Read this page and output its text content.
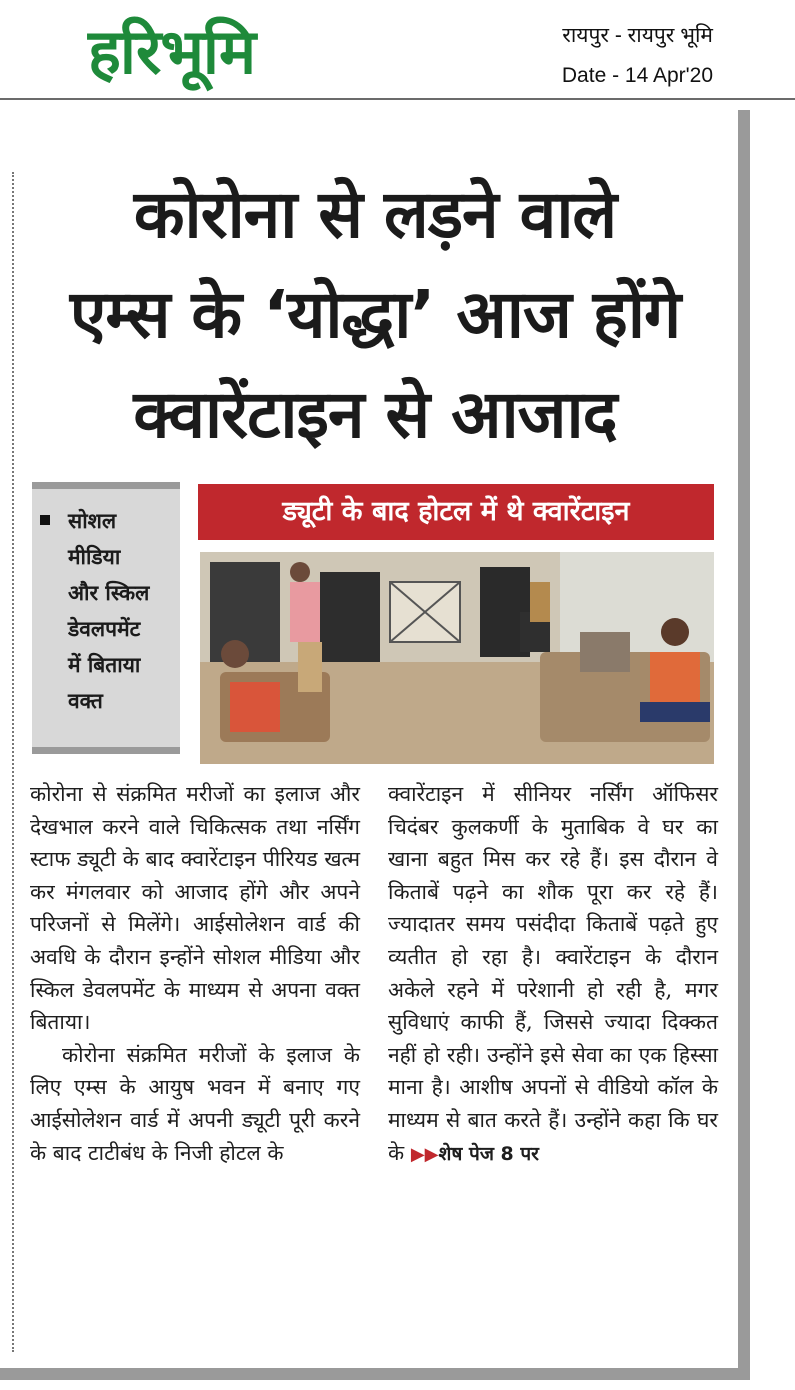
हरिभूमि	रायपुर - रायपुर भूमि
Date - 14 Apr'20
कोरोना से लड़ने वाले
एम्स के ‘योद्धा’ आज होंगे
क्वारेंटाइन से आजाद
सोशल
मीडिया
और स्किल
डेवलपमेंट
में बिताया
वक्त
ड्यूटी के बाद होटल में थे क्वारेंटाइन

कोरोना से संक्रमित मरीजों का इलाज और देखभाल करने वाले चिकित्सक तथा नर्सिंग स्टाफ ड्यूटी के बाद क्वारेंटाइन पीरियड खत्म कर मंगलवार को आजाद होंगे और अपने परिजनों से मिलेंगे। आईसोलेशन वार्ड की अवधि के दौरान इन्होंने सोशल मीडिया और स्किल डेवलपमेंट के माध्यम से अपना वक्त बिताया।

कोरोना संक्रमित मरीजों के इलाज के लिए एम्स के आयुष भवन में बनाए गए आईसोलेशन वार्ड में अपनी ड्यूटी पूरी करने के बाद टाटीबंध के निजी होटल के

क्वारेंटाइन में सीनियर नर्सिंग ऑफिसर चिदंबर कुलकर्णी के मुताबिक वे घर का खाना बहुत मिस कर रहे हैं। इस दौरान वे किताबें पढ़ने का शौक पूरा कर रहे हैं। ज्यादातर समय पसंदीदा किताबें पढ़ते हुए व्यतीत हो रहा है। क्वारेंटाइन के दौरान अकेले रहने में परेशानी हो रही है, मगर सुविधाएं काफी हैं, जिससे ज्यादा दिक्कत नहीं हो रही। उन्होंने इसे सेवा का एक हिस्सा माना है। आशीष अपनों से वीडियो कॉल के माध्यम से बात करते हैं। उन्होंने कहा कि घर के ▶▶शेष पेज 8 पर
